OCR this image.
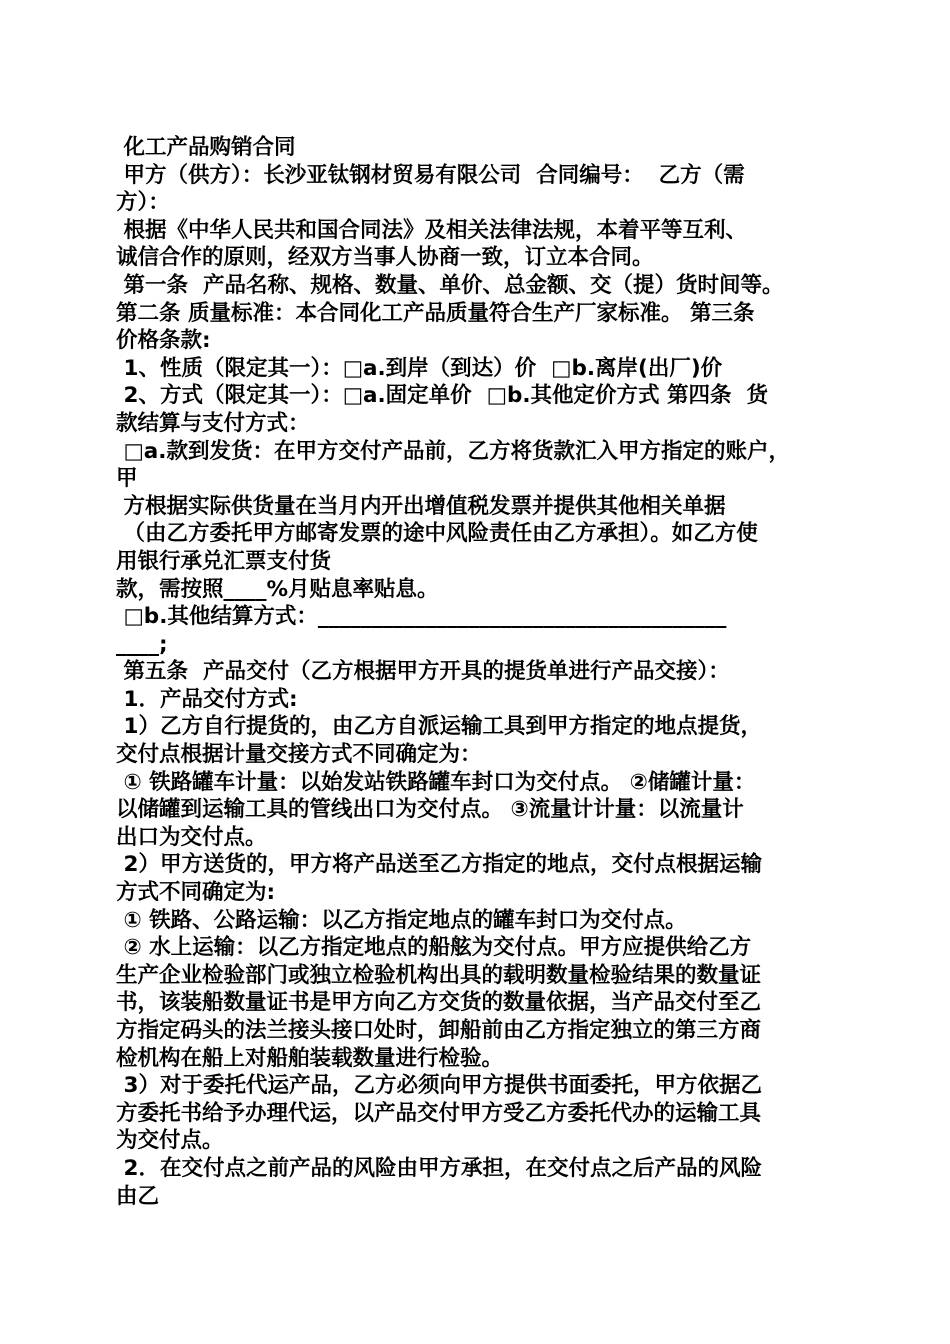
化工产品购销合同
甲方（供方）：长沙亚钛钢材贸易有限公司  合同编号：  乙方（需
方）：
根据《中华人民共和国合同法》及相关法律法规，本着平等互利、
诚信合作的原则，经双方当事人协商一致，订立本合同。
第一条  产品名称、规格、数量、单价、总金额、交（提）货时间等。
第二条 质量标准：本合同化工产品质量符合生产厂家标准。 第三条
价格条款:
1、性质（限定其一）：□a.到岸（到达）价  □b.离岸(出厂)价
2、方式（限定其一）：□a.固定单价  □b.其他定价方式 第四条  货
款结算与支付方式：
□a.款到发货：在甲方交付产品前，乙方将货款汇入甲方指定的账户，
甲
方根据实际供货量在当月内开出增值税发票并提供其他相关单据
（由乙方委托甲方邮寄发票的途中风险责任由乙方承担）。如乙方使
用银行承兑汇票支付货
款，需按照____%月贴息率贴息。
□b.其他结算方式：______________________________________
____;
第五条  产品交付（乙方根据甲方开具的提货单进行产品交接）：
1．产品交付方式:
1）乙方自行提货的，由乙方自派运输工具到甲方指定的地点提货，
交付点根据计量交接方式不同确定为：
① 铁路罐车计量：以始发站铁路罐车封口为交付点。 ②储罐计量：
以储罐到运输工具的管线出口为交付点。 ③流量计计量：以流量计
出口为交付点。
2）甲方送货的，甲方将产品送至乙方指定的地点，交付点根据运输
方式不同确定为:
① 铁路、公路运输：以乙方指定地点的罐车封口为交付点。
② 水上运输：以乙方指定地点的船舷为交付点。甲方应提供给乙方
生产企业检验部门或独立检验机构出具的载明数量检验结果的数量证
书，该装船数量证书是甲方向乙方交货的数量依据，当产品交付至乙
方指定码头的法兰接头接口处时，卸船前由乙方指定独立的第三方商
检机构在船上对船舶装载数量进行检验。
3）对于委托代运产品，乙方必须向甲方提供书面委托，甲方依据乙
方委托书给予办理代运，以产品交付甲方受乙方委托代办的运输工具
为交付点。
2．在交付点之前产品的风险由甲方承担，在交付点之后产品的风险
由乙
